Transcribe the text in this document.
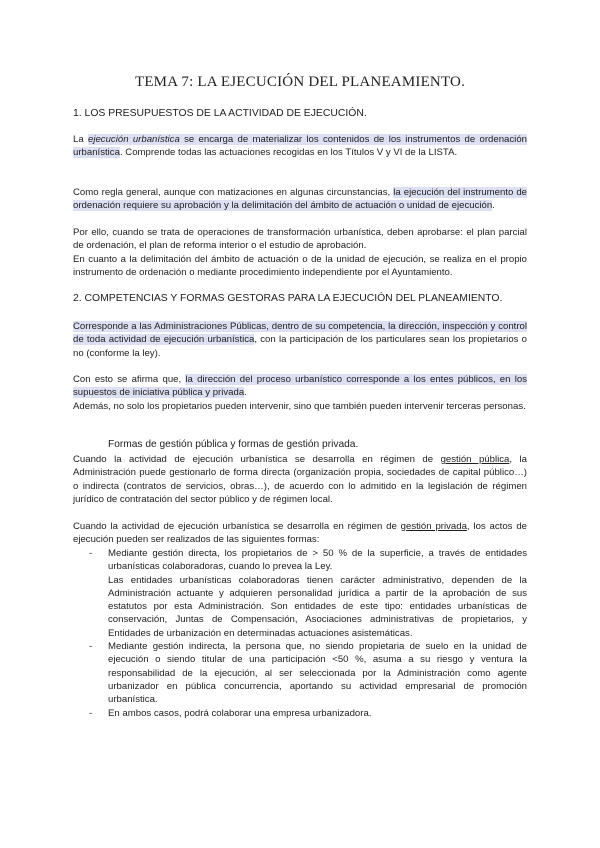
TEMA 7: LA EJECUCIÓN DEL PLANEAMIENTO.
1. LOS PRESUPUESTOS DE LA ACTIVIDAD DE EJECUCIÓN.
La ejecución urbanística se encarga de materializar los contenidos de los instrumentos de ordenación urbanística. Comprende todas las actuaciones recogidas en los Títulos V y VI de la LISTA.
Como regla general, aunque con matizaciones en algunas circunstancias, la ejecución del instrumento de ordenación requiere su aprobación y la delimitación del ámbito de actuación o unidad de ejecución.
Por ello, cuando se trata de operaciones de transformación urbanística, deben aprobarse: el plan parcial de ordenación, el plan de reforma interior o el estudio de aprobación.
En cuanto a la delimitación del ámbito de actuación o de la unidad de ejecución, se realiza en el propio instrumento de ordenación o mediante procedimiento independiente por el Ayuntamiento.
2. COMPETENCIAS Y FORMAS GESTORAS PARA LA EJECUCIÓN DEL PLANEAMIENTO.
Corresponde a las Administraciones Públicas, dentro de su competencia, la dirección, inspección y control de toda actividad de ejecución urbanística, con la participación de los particulares sean los propietarios o no (conforme la ley).
Con esto se afirma que, la dirección del proceso urbanístico corresponde a los entes públicos, en los supuestos de iniciativa pública y privada.
Además, no solo los propietarios pueden intervenir, sino que también pueden intervenir terceras personas.
Formas de gestión pública y formas de gestión privada.
Cuando la actividad de ejecución urbanística se desarrolla en régimen de gestión pública, la Administración puede gestionarlo de forma directa (organización propia, sociedades de capital público…) o indirecta (contratos de servicios, obras…), de acuerdo con lo admitido en la legislación de régimen jurídico de contratación del sector público y de régimen local.
Cuando la actividad de ejecución urbanística se desarrolla en régimen de gestión privada, los actos de ejecución pueden ser realizados de las siguientes formas:
- Mediante gestión directa, los propietarios de > 50 % de la superficie, a través de entidades urbanísticas colaboradoras, cuando lo prevea la Ley.
Las entidades urbanísticas colaboradoras tienen carácter administrativo, dependen de la Administración actuante y adquieren personalidad jurídica a partir de la aprobación de sus estatutos por esta Administración. Son entidades de este tipo: entidades urbanísticas de conservación, Juntas de Compensación, Asociaciones administrativas de propietarios, y Entidades de urbanización en determinadas actuaciones asistemáticas.
- Mediante gestión indirecta, la persona que, no siendo propietaria de suelo en la unidad de ejecución o siendo titular de una participación <50 %, asuma a su riesgo y ventura la responsabilidad de la ejecución, al ser seleccionada por la Administración como agente urbanizador en pública concurrencia, aportando su actividad empresarial de promoción urbanística.
- En ambos casos, podrá colaborar una empresa urbanizadora.
